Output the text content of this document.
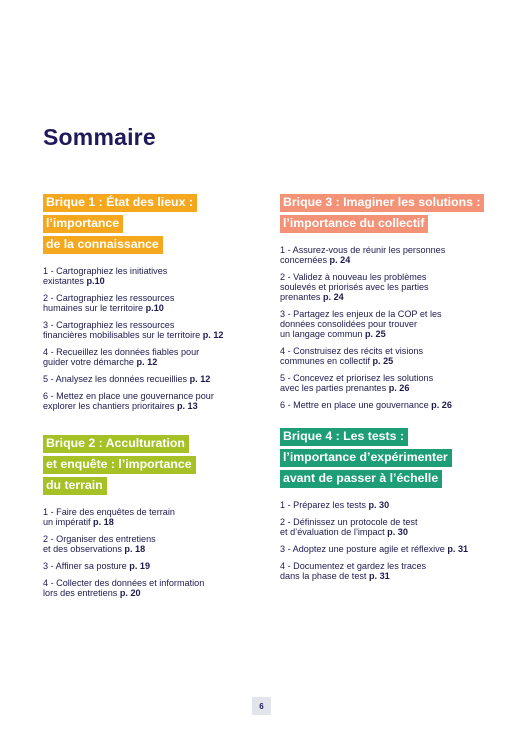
Sommaire
Brique 1 : État des lieux :
l’importance
de la connaissance
1 - Cartographiez les initiatives
existantes p.10
2 - Cartographiez les ressources
humaines sur le territoire p.10
3 - Cartographiez les ressources
financières mobilisables sur le territoire p. 12
4 - Recueillez les données fiables pour
guider votre démarche p. 12
5 - Analysez les données recueillies p. 12
6 - Mettez en place une gouvernance pour
explorer les chantiers prioritaires p. 13
Brique 2 : Acculturation
et enquête : l’importance
du terrain
1 - Faire des enquêtes de terrain
un impératif p. 18
2 - Organiser des entretiens
et des observations p. 18
3 - Affiner sa posture p. 19
4 - Collecter des données et information
lors des entretiens p. 20
Brique 3 : Imaginer les solutions :
l’importance du collectif
1 - Assurez-vous de réunir les personnes
concernées p. 24
2 - Validez à nouveau les problèmes
soulevés et priorisés avec les parties
prenantes p. 24
3 - Partagez les enjeux de la COP et les
données consolidées pour trouver
un langage commun p. 25
4 - Construisez des récits et visions
communes en collectif p. 25
5 - Concevez et priorisez les solutions
avec les parties prenantes p. 26
6 - Mettre en place une gouvernance p. 26
Brique 4 : Les tests :
l’importance d’expérimenter
avant de passer à l’échelle
1 - Préparez les tests p. 30
2 - Définissez un protocole de test
et d’évaluation de l’impact p. 30
3 - Adoptez une posture agile et réflexive p. 31
4 - Documentez et gardez les traces
dans la phase de test p. 31
6
